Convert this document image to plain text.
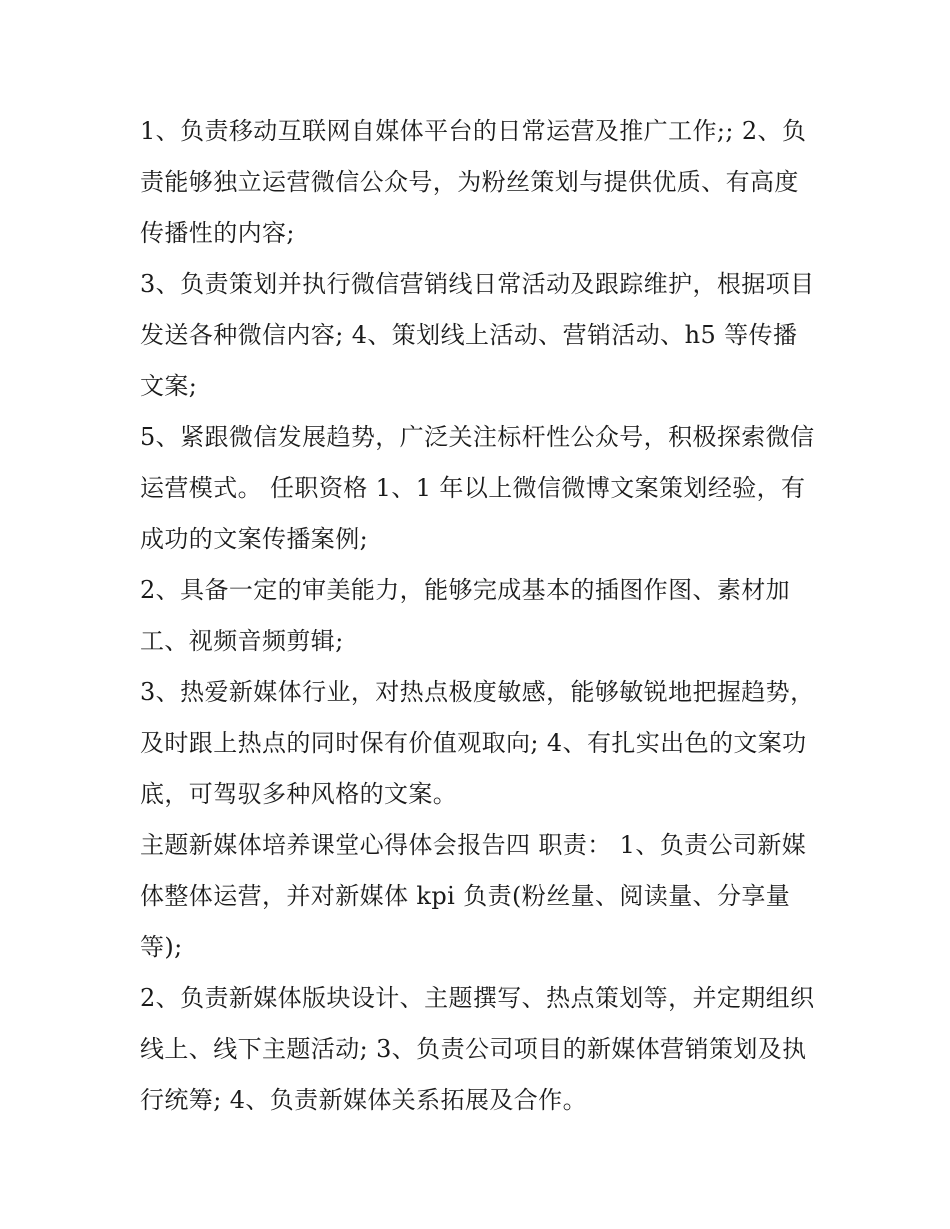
1、负责移动互联网自媒体平台的日常运营及推广工作;; 2、负责能够独立运营微信公众号，为粉丝策划与提供优质、有高度传播性的内容;

3、负责策划并执行微信营销线日常活动及跟踪维护，根据项目发送各种微信内容; 4、策划线上活动、营销活动、h5 等传播文案;

5、紧跟微信发展趋势，广泛关注标杆性公众号，积极探索微信运营模式。 任职资格 1、1 年以上微信微博文案策划经验，有成功的文案传播案例;

2、具备一定的审美能力，能够完成基本的插图作图、素材加工、视频音频剪辑;

3、热爱新媒体行业，对热点极度敏感，能够敏锐地把握趋势，及时跟上热点的同时保有价值观取向; 4、有扎实出色的文案功底，可驾驭多种风格的文案。

主题新媒体培养课堂心得体会报告四 职责： 1、负责公司新媒体整体运营，并对新媒体 kpi 负责(粉丝量、阅读量、分享量等);

2、负责新媒体版块设计、主题撰写、热点策划等，并定期组织线上、线下主题活动; 3、负责公司项目的新媒体营销策划及执行统筹; 4、负责新媒体关系拓展及合作。
